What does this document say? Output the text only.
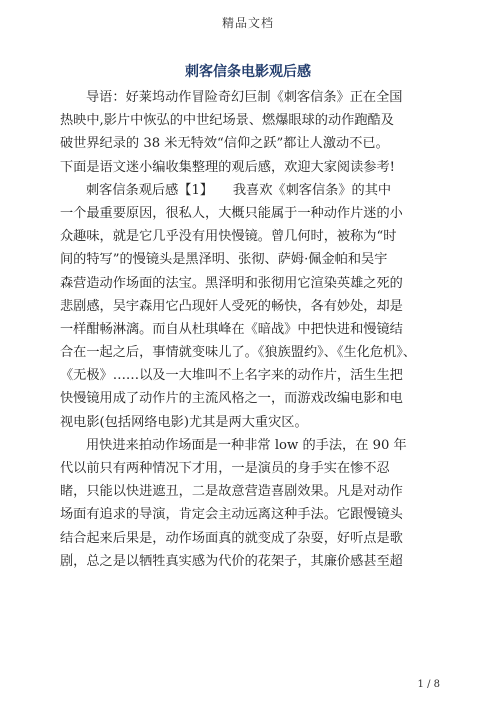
精品文档
刺客信条电影观后感
导语：好莱坞动作冒险奇幻巨制《刺客信条》正在全国
热映中,影片中恢弘的中世纪场景、燃爆眼球的动作跑酷及
破世界纪录的 38 米无特效“信仰之跃”都让人激动不已。
下面是语文迷小编收集整理的观后感，欢迎大家阅读参考!
刺客信条观后感【1】　　我喜欢《刺客信条》的其中
一个最重要原因，很私人，大概只能属于一种动作片迷的小
众趣味，就是它几乎没有用快慢镜。曾几何时，被称为“时
间的特写”的慢镜头是黑泽明、张彻、萨姆·佩金帕和吴宇
森营造动作场面的法宝。黑泽明和张彻用它渲染英雄之死的
悲剧感，吴宇森用它凸现奸人受死的畅快，各有妙处，却是
一样酣畅淋漓。而自从杜琪峰在《暗战》中把快进和慢镜结
合在一起之后，事情就变味儿了。《狼族盟约》、《生化危机》、
《无极》……以及一大堆叫不上名字来的动作片，活生生把
快慢镜用成了动作片的主流风格之一，而游戏改编电影和电
视电影(包括网络电影)尤其是两大重灾区。
用快进来拍动作场面是一种非常 low 的手法，在 90 年
代以前只有两种情况下才用，一是演员的身手实在惨不忍
睹，只能以快进遮丑，二是故意营造喜剧效果。凡是对动作
场面有追求的导演，肯定会主动远离这种手法。它跟慢镜头
结合起来后果是，动作场面真的就变成了杂耍，好听点是歌
剧，总之是以牺牲真实感为代价的花架子，其廉价感甚至超
1 / 8
